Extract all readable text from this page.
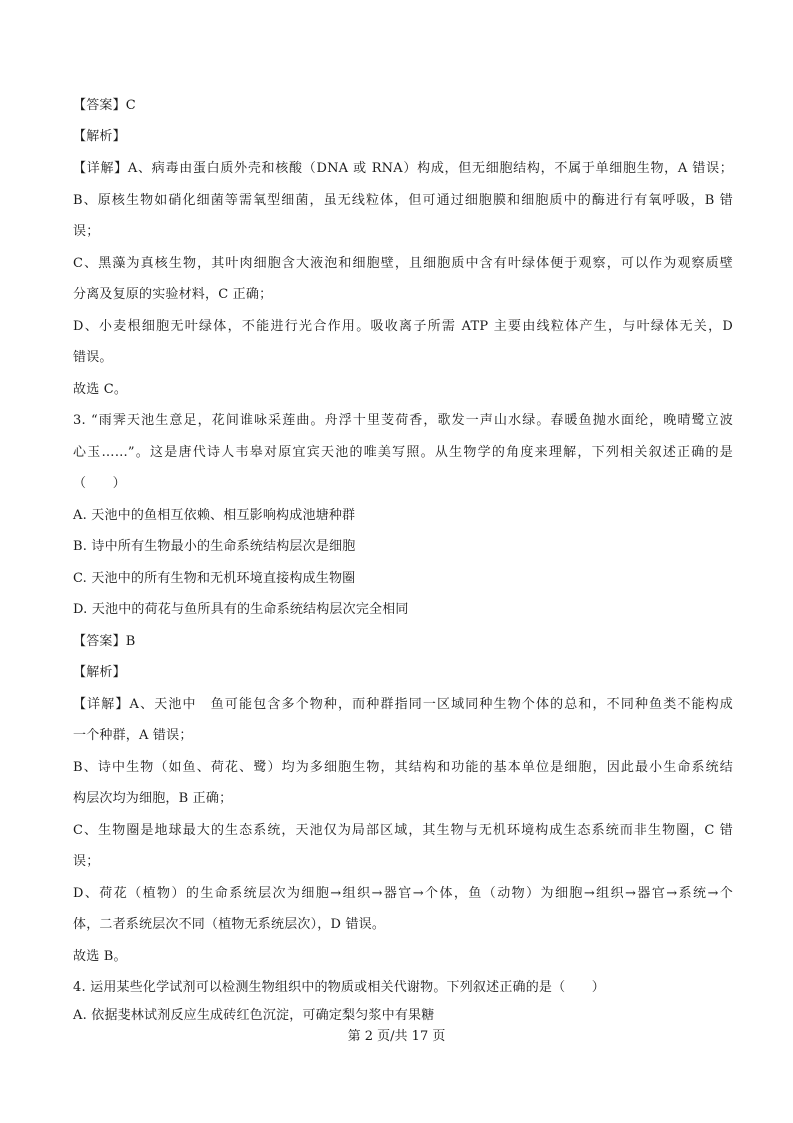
【答案】C
【解析】
【详解】A、病毒由蛋白质外壳和核酸（DNA 或 RNA）构成，但无细胞结构，不属于单细胞生物，A 错误；
B、原核生物如硝化细菌等需氧型细菌，虽无线粒体，但可通过细胞膜和细胞质中的酶进行有氧呼吸，B 错
误；
C、黑藻为真核生物，其叶肉细胞含大液泡和细胞壁，且细胞质中含有叶绿体便于观察，可以作为观察质壁
分离及复原的实验材料，C 正确；
D、小麦根细胞无叶绿体，不能进行光合作用。吸收离子所需 ATP 主要由线粒体产生，与叶绿体无关，D
错误。
故选 C。
3. “雨霁天池生意足，花间谁咏采莲曲。舟浮十里芰荷香，歌发一声山水绿。春暖鱼抛水面纶，晚晴鹭立波
心玉……”。这是唐代诗人韦皋对原宜宾天池的唯美写照。从生物学的角度来理解，下列相关叙述正确的是
（　　）
A. 天池中的鱼相互依赖、相互影响构成池塘种群
B. 诗中所有生物最小的生命系统结构层次是细胞
C. 天池中的所有生物和无机环境直接构成生物圈
D. 天池中的荷花与鱼所具有的生命系统结构层次完全相同
【答案】B
【解析】
【详解】A、天池中　鱼可能包含多个物种，而种群指同一区域同种生物个体的总和，不同种鱼类不能构成
一个种群，A 错误；
B、诗中生物（如鱼、荷花、鹭）均为多细胞生物，其结构和功能的基本单位是细胞，因此最小生命系统结
构层次均为细胞，B 正确；
C、生物圈是地球最大的生态系统，天池仅为局部区域，其生物与无机环境构成生态系统而非生物圈，C 错
误；
D、荷花（植物）的生命系统层次为细胞→组织→器官→个体，鱼（动物）为细胞→组织→器官→系统→个
体，二者系统层次不同（植物无系统层次），D 错误。
故选 B。
4. 运用某些化学试剂可以检测生物组织中的物质或相关代谢物。下列叙述正确的是（　　）
A. 依据斐林试剂反应生成砖红色沉淀，可确定梨匀浆中有果糖
第 2 页/共 17 页
